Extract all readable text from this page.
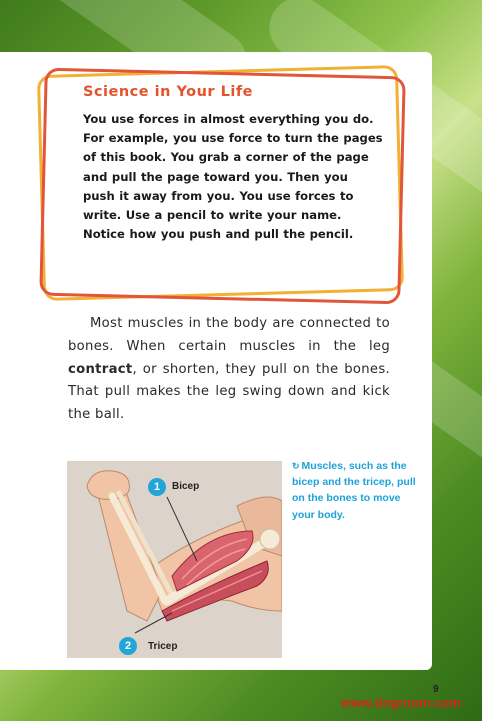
Science in Your Life

You use forces in almost everything you do. For example, you use force to turn the pages of this book. You grab a corner of the page and pull the page toward you. Then you push it away from you. You use forces to write. Use a pencil to write your name. Notice how you push and pull the pencil.

Most muscles in the body are connected to bones. When certain muscles in the leg contract, or shorten, they pull on the bones. That pull makes the leg swing down and kick the ball.

1	Bicep
2	Tricep

↻ Muscles, such as the bicep and the tricep, pull on the bones to move your body.

9
www.tingroom.com
